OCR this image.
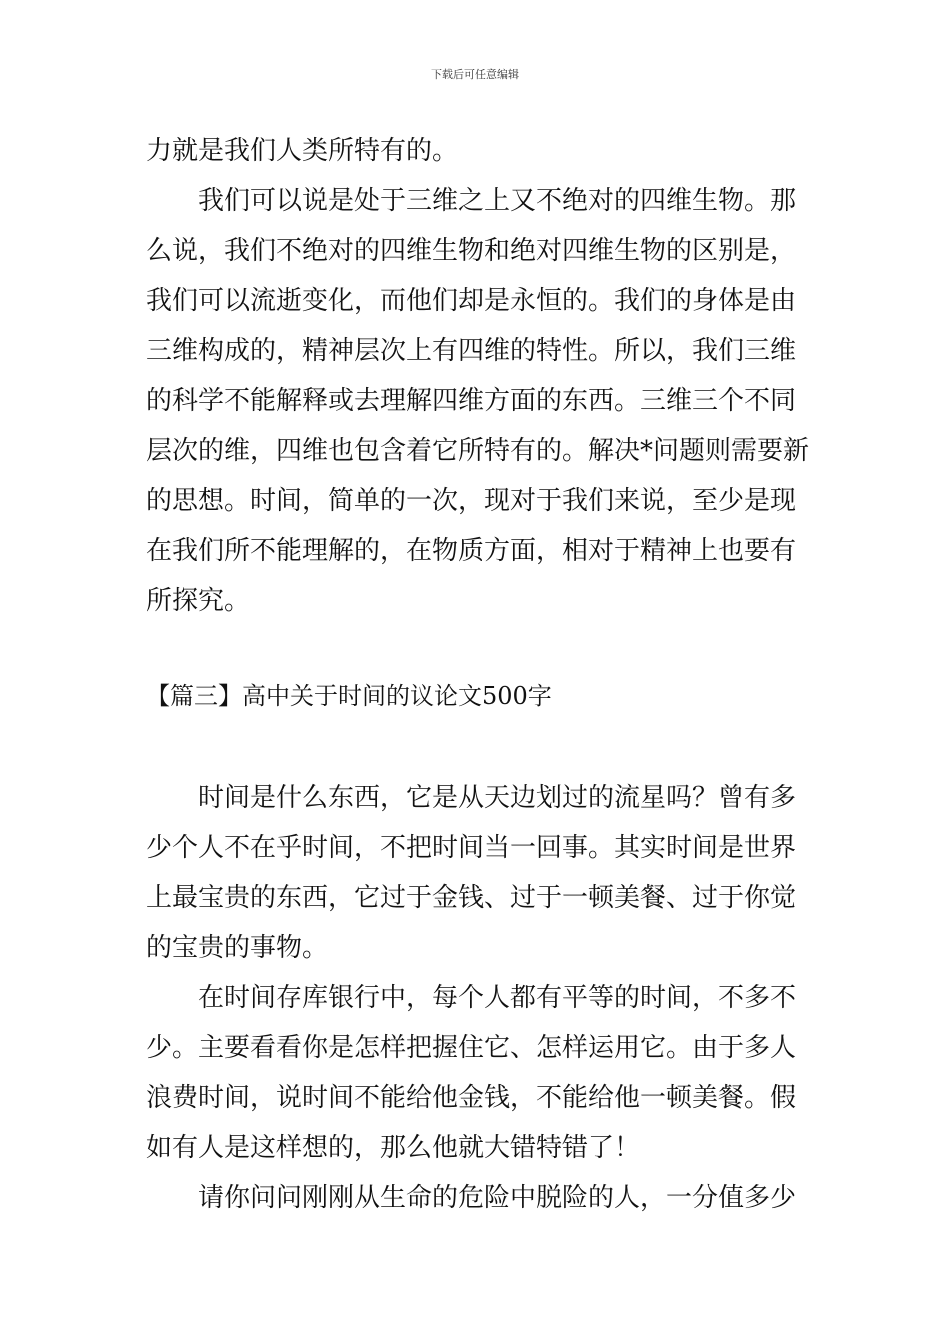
下载后可任意编辑
力就是我们人类所特有的。
　　我们可以说是处于三维之上又不绝对的四维生物。那
么说，我们不绝对的四维生物和绝对四维生物的区别是，
我们可以流逝变化，而他们却是永恒的。我们的身体是由
三维构成的，精神层次上有四维的特性。所以，我们三维
的科学不能解释或去理解四维方面的东西。三维三个不同
层次的维，四维也包含着它所特有的。解决*问题则需要新
的思想。时间，简单的一次，现对于我们来说，至少是现
在我们所不能理解的，在物质方面，相对于精神上也要有
所探究。
【篇三】高中关于时间的议论文500字
　　时间是什么东西，它是从天边划过的流星吗？曾有多
少个人不在乎时间，不把时间当一回事。其实时间是世界
上最宝贵的东西，它过于金钱、过于一顿美餐、过于你觉
的宝贵的事物。
　　在时间存库银行中，每个人都有平等的时间，不多不
少。主要看看你是怎样把握住它、怎样运用它。由于多人
浪费时间，说时间不能给他金钱，不能给他一顿美餐。假
如有人是这样想的，那么他就大错特错了！
　　请你问问刚刚从生命的危险中脱险的人，一分值多少
